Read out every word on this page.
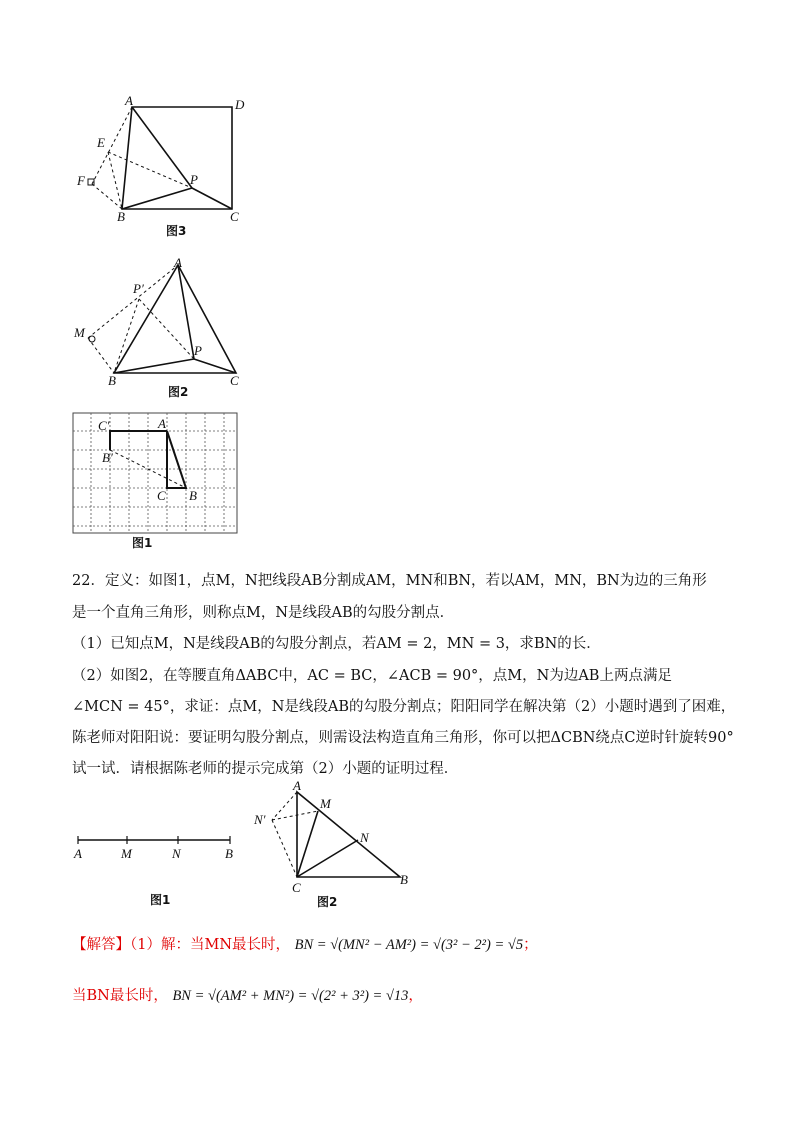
A	D
E
F	P
B	C
图3
A
P′
M
P
B	C
图2
C′	A
B′
C B
图1
22．定义：如图1，点M，N把线段AB分割成AM，MN和BN，若以AM，MN，BN为边的三角形
是一个直角三角形，则称点M，N是线段AB的勾股分割点．
（1）已知点M，N是线段AB的勾股分割点，若AM = 2，MN = 3，求BN的长．
（2）如图2，在等腰直角ΔABC中，AC = BC，∠ACB = 90°，点M，N为边AB上两点满足
∠MCN = 45°，求证：点M，N是线段AB的勾股分割点；阳阳同学在解决第（2）小题时遇到了困难，
陈老师对阳阳说：要证明勾股分割点，则需设法构造直角三角形，你可以把ΔCBN绕点C逆时针旋转90°
试一试．请根据陈老师的提示完成第（2）小题的证明过程．
A	M	N	B
图1
A
M
N′
N
C
B
图2
【解答】（1）解：当MN最长时， BN = √(MN² − AM²) = √(3² − 2²) = √5；
当BN最长时， BN = √(AM² + MN²) = √(2² + 3²) = √13，
